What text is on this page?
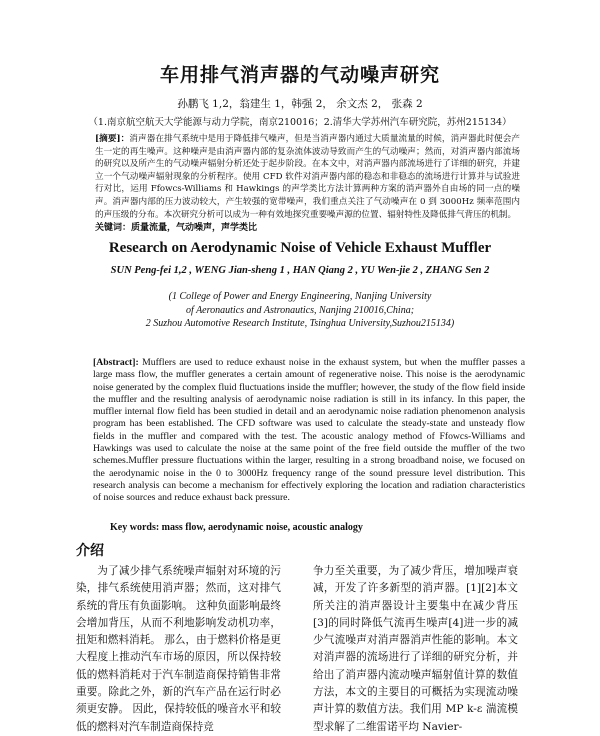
车用排气消声器的气动噪声研究
孙鹏飞 1,2，翁建生 1，韩强 2， 余文杰 2， 张森 2
（1.南京航空航天大学能源与动力学院，南京210016；2.清华大学苏州汽车研究院，苏州215134）
[摘要]：消声器在排气系统中是用于降低排气噪声，但是当消声器内通过大质量流量的时候，消声器此时便会产生一定的再生噪声。这种噪声是由消声器内部的复杂流体波动导致而产生的气动噪声；然而，对消声器内部流场的研究以及所产生的气动噪声辐射分析还处于起步阶段。在本文中，对消声器内部流场进行了详细的研究，并建立一个气动噪声辐射现象的分析程序。使用 CFD 软件对消声器内部的稳态和非稳态的流场进行计算并与试验进行对比，运用 Ffowcs-Williams 和 Hawkings 的声学类比方法计算两种方案的消声器外自由场的同一点的噪声。消声器内部的压力波动较大，产生较强的宽带噪声，我们重点关注了气动噪声在 0 到 3000Hz 频率范围内的声压级的分布。本次研究分析可以成为一种有效地探究重要噪声源的位置、辐射特性及降低排气背压的机制。
关键词：质量流量，气动噪声，声学类比
Research on Aerodynamic Noise of Vehicle Exhaust Muffler
SUN Peng-fei 1,2 , WENG Jian-sheng 1 , HAN Qiang 2 , YU Wen-jie 2 , ZHANG Sen 2
(1 College of Power and Energy Engineering, Nanjing University
of Aeronautics and Astronautics, Nanjing 210016,China;
2 Suzhou Automotive Research Institute, Tsinghua University,Suzhou215134)
[Abstract]: Mufflers are used to reduce exhaust noise in the exhaust system, but when the muffler passes a large mass flow, the muffler generates a certain amount of regenerative noise. This noise is the aerodynamic noise generated by the complex fluid fluctuations inside the muffler; however, the study of the flow field inside the muffler and the resulting analysis of aerodynamic noise radiation is still in its infancy. In this paper, the muffler internal flow field has been studied in detail and an aerodynamic noise radiation phenomenon analysis program has been established. The CFD software was used to calculate the steady-state and unsteady flow fields in the muffler and compared with the test. The acoustic analogy method of Ffowcs-Williams and Hawkings was used to calculate the noise at the same point of the free field outside the muffler of the two schemes.Muffler pressure fluctuations within the larger, resulting in a strong broadband noise, we focused on the aerodynamic noise in the 0 to 3000Hz frequency range of the sound pressure level distribution. This research analysis can become a mechanism for effectively exploring the location and radiation characteristics of noise sources and reduce exhaust back pressure.
Key words: mass flow, aerodynamic noise, acoustic analogy
介绍
为了减少排气系统噪声辐射对环境的污染，排气系统使用消声器；然而，这对排气系统的背压有负面影响。 这种负面影响最终会增加背压，从而不利地影响发动机功率，扭矩和燃料消耗。 那么，由于燃料价格是更大程度上推动汽车市场的原因，所以保持较低的燃料消耗对于汽车制造商保持销售非常重要。除此之外，新的汽车产品在运行时必须更安静。 因此，保持较低的噪音水平和较低的燃料对汽车制造商保持竞
争力至关重要，为了减少背压，增加噪声衰减，开发了许多新型的消声器。[1][2]本文所关注的消声器设计主要集中在减少背压[3]的同时降低气流再生噪声[4]进一步的减少气流噪声对消声器消声性能的影响。本文对消声器的流场进行了详细的研究分析，并给出了消声器内流动噪声辐射值计算的数值方法，本文的主要目的可概括为实现流动噪声计算的数值方法。我们用 MP k-ε 湍流模型求解了二维雷诺平均 Navier-
